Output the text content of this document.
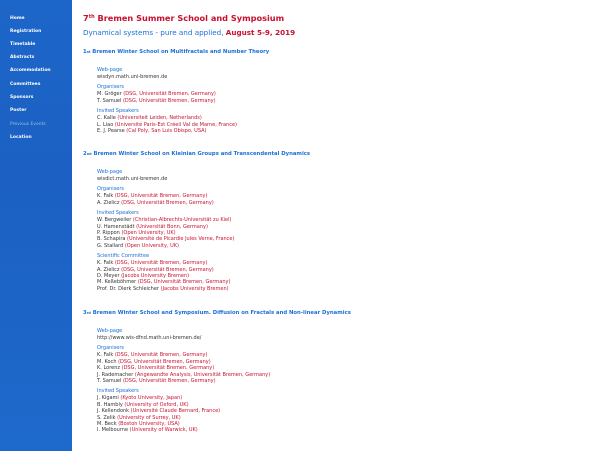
Home
Registration
Timetable
Abstracts
Accommodation
Committees
Sponsors
Poster
Previous Events
Location
7th Bremen Summer School and Symposium
Dynamical systems - pure and applied, August 5-9, 2019
1st Bremen Winter School on Multifractals and Number Theory
Web-page
wisdyn.math.uni-bremen.de
Organisers
M. Gröger (DSG, Universität Bremen, Germany)
T. Samuel (DSG, Universität Bremen, Germany)
Invited Speakers
C. Kalle (Universiteit Leiden, Netherlands)
L. Liao (Université Paris-Est Créeil Val de Marne, France)
E. J. Pearse (Cal Poly, San Luis Obispo, USA)
2nd Bremen Winter School on Kleinian Groups and Transcendental Dynamics
Web-page
wisdict.math.uni-bremen.de
Organisers
K. Falk (DSG, Universität Bremen, Germany)
A. Zielicz (DSG, Universität Bremen, Germany)
Invited Speakers
W. Bergweiler (Christian-Albrechts-Universität zu Kiel)
U. Hamenstädt (Universität Bonn, Germany)
P. Rippon (Open University, UK)
B. Schapira (Université de Picardie Jules Verne, France)
G. Stallard (Open University, UK)
Scientific Committee
K. Falk (DSG, Universität Bremen, Germany)
A. Zielicz (DSG, Universität Bremen, Germany)
D. Meyer (Jacobs University Bremen)
M. Keßeböhmer (DSG, Universität Bremen, Germany)
Prof. Dr. Dierk Schleicher (Jacobs University Bremen)
3rd Bremen Winter School and Symposium. Diffusion on Fractals and Non-linear Dynamics
Web-page
http://www.wis-dfnd.math.uni-bremen.de/
Organisers
K. Falk (DSG, Universität Bremen, Germany)
M. Koch (DSG, Universität Bremen, Germany)
K. Lorenz (DSG, Universität Bremen, Germany)
J. Rademacher (Angewandte Analysis, Universität Bremen, Germany)
T. Samuel (DSG, Universität Bremen, Germany)
Invited Speakers
J. Kigami (Kyoto University, Japan)
B. Hambly (University of Oxford, UK)
J. Kellendonk (Université Claude Bernard, France)
S. Zelik (University of Surrey, UK)
M. Beck (Boston University, USA)
I. Melbourne (University of Warwick, UK)
